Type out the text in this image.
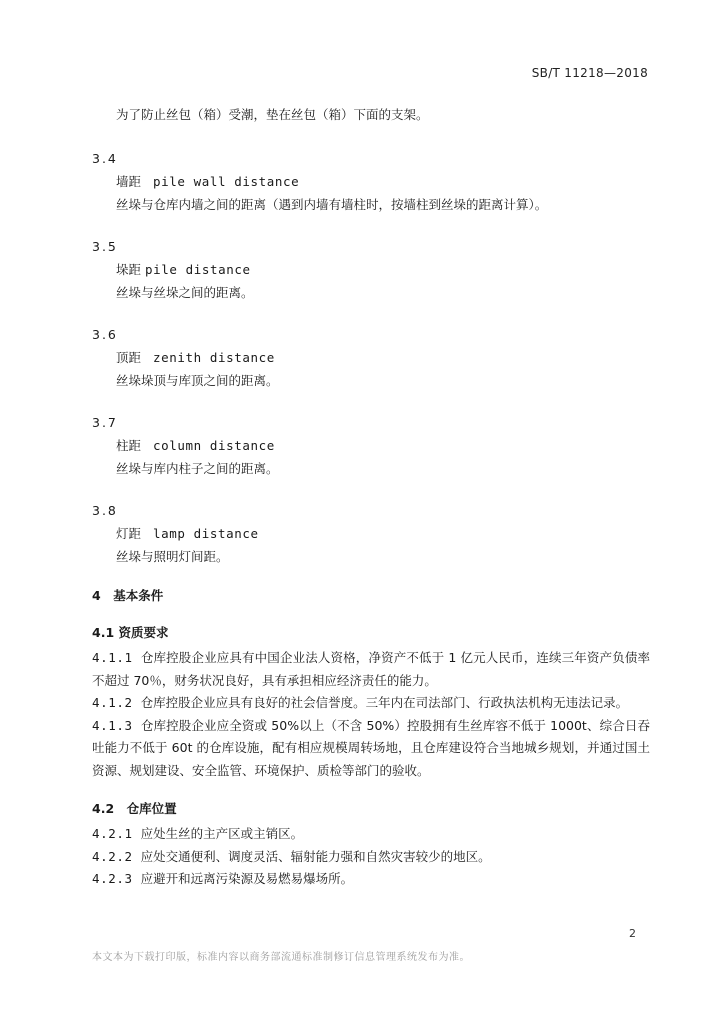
SB/T 11218—2018
为了防止丝包（箱）受潮，垫在丝包（箱）下面的支架。
3.4
墙距 pile wall distance
丝垛与仓库内墙之间的距离（遇到内墙有墙柱时，按墙柱到丝垛的距离计算）。
3.5
垛距 pile distance
丝垛与丝垛之间的距离。
3.6
顶距 zenith distance
丝垛垛顶与库顶之间的距离。
3.7
柱距 column distance
丝垛与库内柱子之间的距离。
3.8
灯距 lamp distance
丝垛与照明灯间距。
4　基本条件
4.1 资质要求
4.1.1 仓库控股企业应具有中国企业法人资格，净资产不低于 1 亿元人民币，连续三年资产负债率不超过 70％，财务状况良好，具有承担相应经济责任的能力。
4.1.2 仓库控股企业应具有良好的社会信誉度。三年内在司法部门、行政执法机构无违法记录。
4.1.3 仓库控股企业应全资或 50%以上（不含 50%）控股拥有生丝库容不低于 1000t、综合日吞吐能力不低于 60t 的仓库设施，配有相应规模周转场地，且仓库建设符合当地城乡规划，并通过国土资源、规划建设、安全监管、环境保护、质检等部门的验收。
4.2　仓库位置
4.2.1 应处生丝的主产区或主销区。
4.2.2 应处交通便利、调度灵活、辐射能力强和自然灾害较少的地区。
4.2.3 应避开和远离污染源及易燃易爆场所。
2
本文本为下载打印版，标准内容以商务部流通标准制修订信息管理系统发布为准。
